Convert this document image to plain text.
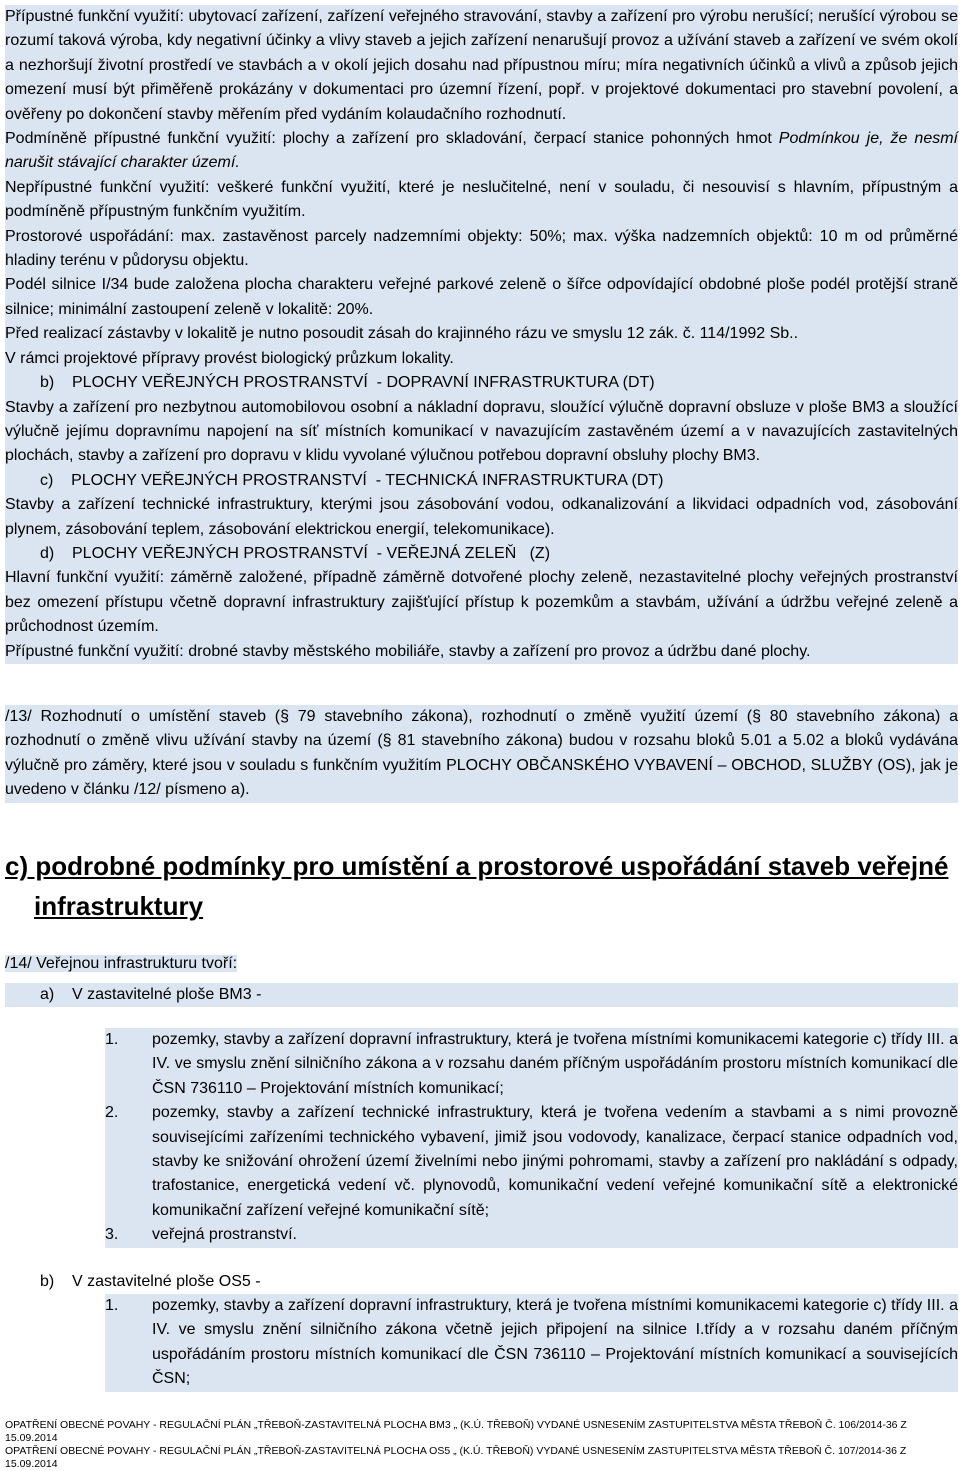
Přípustné funkční využití: ubytovací zařízení, zařízení veřejného stravování, stavby a zařízení pro výrobu nerušící; nerušící výrobou se rozumí taková výroba, kdy negativní účinky a vlivy staveb a jejich zařízení nenarušují provoz a užívání staveb a zařízení ve svém okolí a nezhoršují životní prostředí ve stavbách a v okolí jejich dosahu nad přípustnou míru; míra negativních účinků a vlivů a způsob jejich omezení musí být přiměřeně prokázány v dokumentaci pro územní řízení, popř. v projektové dokumentaci pro stavební povolení, a ověřeny po dokončení stavby měřením před vydáním kolaudačního rozhodnutí.
Podmíněně přípustné funkční využití: plochy a zařízení pro skladování, čerpací stanice pohonných hmot Podmínkou je, že nesmí narušit stávající charakter území.
Nepřípustné funkční využití: veškeré funkční využití, které je neslučitelné, není v souladu, či nesouvisí s hlavním, přípustným a podmíněně přípustným funkčním využitím.
Prostorové uspořádání: max. zastavěnost parcely nadzemními objekty: 50%; max. výška nadzemních objektů: 10 m od průměrné hladiny terénu v půdorysu objektu.
Podél silnice I/34 bude založena plocha charakteru veřejné parkové zeleně o šířce odpovídající obdobné ploše podél protější straně silnice; minimální zastoupení zeleně v lokalitě: 20%.
Před realizací zástavby v lokalitě je nutno posoudit zásah do krajinného rázu ve smyslu 12 zák. č. 114/1992 Sb..
V rámci projektové přípravy provést biologický průzkum lokality.
b)    PLOCHY VEŘEJNÝCH PROSTRANSTVÍ  - DOPRAVNÍ INFRASTRUKTURA (DT)
Stavby a zařízení pro nezbytnou automobilovou osobní a nákladní dopravu, sloužící výlučně dopravní obsluze v ploše BM3 a sloužící výlučně jejímu dopravnímu napojení na síť místních komunikací v navazujícím zastavěném území a v navazujících zastavitelných plochách, stavby a zařízení pro dopravu v klidu vyvolané výlučnou potřebou dopravní obsluhy plochy BM3.
c)    PLOCHY VEŘEJNÝCH PROSTRANSTVÍ  - TECHNICKÁ INFRASTRUKTURA (DT)
Stavby a zařízení technické infrastruktury, kterými jsou zásobování vodou, odkanalizování a likvidaci odpadních vod, zásobování plynem, zásobování teplem, zásobování elektrickou energií, telekomunikace).
d)    PLOCHY VEŘEJNÝCH PROSTRANSTVÍ  - VEŘEJNÁ ZELEŇ   (Z)
Hlavní funkční využití: záměrně založené, případně záměrně dotvořené plochy zeleně, nezastavitelné plochy veřejných prostranství bez omezení přístupu včetně dopravní infrastruktury zajišťující přístup k pozemkům a stavbám, užívání a údržbu veřejné zeleně a průchodnost územím.
Přípustné funkční využití: drobné stavby městského mobiliáře, stavby a zařízení pro provoz a údržbu dané plochy.
/13/ Rozhodnutí o umístění staveb (§ 79 stavebního zákona), rozhodnutí o změně využití území (§ 80 stavebního zákona) a rozhodnutí o změně vlivu užívání stavby na území (§ 81 stavebního zákona) budou v rozsahu bloků 5.01 a 5.02 a bloků vydávána výlučně pro záměry, které jsou v souladu s funkčním využitím PLOCHY OBČANSKÉHO VYBAVENÍ – OBCHOD, SLUŽBY (OS), jak je uvedeno v článku /12/ písmeno a).
c) podrobné podmínky pro umístění a prostorové uspořádání staveb veřejné
infrastruktury
/14/ Veřejnou infrastrukturu tvoří:
a)    V zastavitelné ploše BM3 -
1.	pozemky, stavby a zařízení dopravní infrastruktury, která je tvořena místními komunikacemi kategorie c) třídy III. a IV. ve smyslu znění silničního zákona a v rozsahu daném příčným uspořádáním prostoru místních komunikací dle ČSN 736110 – Projektování místních komunikací;
2.	pozemky, stavby a zařízení technické infrastruktury, která je tvořena vedením a stavbami a s nimi provozně souvisejícími zařízeními technického vybavení, jimiž jsou vodovody, kanalizace, čerpací stanice odpadních vod, stavby ke snižování ohrožení území živelními nebo jinými pohromami, stavby a zařízení pro nakládání s odpady, trafostanice, energetická vedení vč. plynovodů, komunikační vedení veřejné komunikační sítě a elektronické komunikační zařízení veřejné komunikační sítě;
3.	veřejná prostranství.
b)    V zastavitelné ploše OS5 -
1.	pozemky, stavby a zařízení dopravní infrastruktury, která je tvořena místními komunikacemi kategorie c) třídy III. a IV. ve smyslu znění silničního zákona včetně jejich připojení na silnice I.třídy a v rozsahu daném příčným uspořádáním prostoru místních komunikací dle ČSN 736110 – Projektování místních komunikací a souvisejících ČSN;
OPATŘENÍ OBECNÉ POVAHY - REGULAČNÍ PLÁN „TŘEBOŇ-ZASTAVITELNÁ PLOCHA BM3 „ (K.Ú. TŘEBOŇ) VYDANÉ USNESENÍM ZASTUPITELSTVA MĚSTA TŘEBOŇ Č. 106/2014-36 Z 15.09.2014
OPATŘENÍ OBECNÉ POVAHY - REGULAČNÍ PLÁN „TŘEBOŇ-ZASTAVITELNÁ PLOCHA OS5 „ (K.Ú. TŘEBOŇ) VYDANÉ USNESENÍM ZASTUPITELSTVA MĚSTA TŘEBOŇ Č. 107/2014-36 Z 15.09.2014
